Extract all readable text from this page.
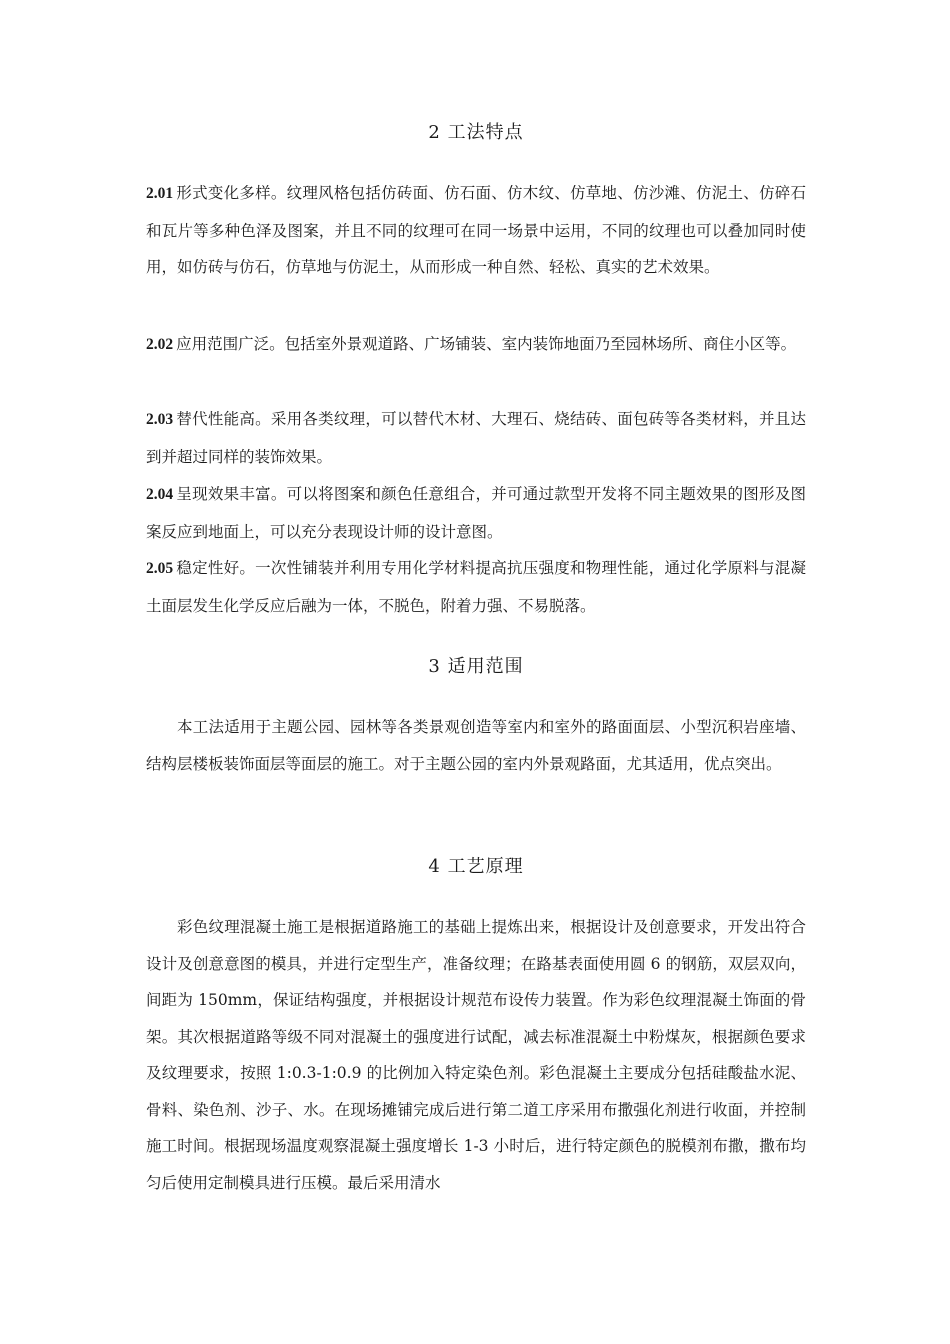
2 工法特点
2.01 形式变化多样。纹理风格包括仿砖面、仿石面、仿木纹、仿草地、仿沙滩、仿泥土、仿碎石和瓦片等多种色泽及图案，并且不同的纹理可在同一场景中运用，不同的纹理也可以叠加同时使用，如仿砖与仿石，仿草地与仿泥土，从而形成一种自然、轻松、真实的艺术效果。
2.02 应用范围广泛。包括室外景观道路、广场铺装、室内装饰地面乃至园林场所、商住小区等。
2.03 替代性能高。采用各类纹理，可以替代木材、大理石、烧结砖、面包砖等各类材料，并且达到并超过同样的装饰效果。
2.04 呈现效果丰富。可以将图案和颜色任意组合，并可通过款型开发将不同主题效果的图形及图案反应到地面上，可以充分表现设计师的设计意图。
2.05 稳定性好。一次性铺装并利用专用化学材料提高抗压强度和物理性能，通过化学原料与混凝土面层发生化学反应后融为一体，不脱色，附着力强、不易脱落。
3 适用范围
本工法适用于主题公园、园林等各类景观创造等室内和室外的路面面层、小型沉积岩座墙、结构层楼板装饰面层等面层的施工。对于主题公园的室内外景观路面，尤其适用，优点突出。
4 工艺原理
彩色纹理混凝土施工是根据道路施工的基础上提炼出来，根据设计及创意要求，开发出符合设计及创意意图的模具，并进行定型生产，准备纹理；在路基表面使用圆 6 的钢筋，双层双向，间距为 150mm，保证结构强度，并根据设计规范布设传力装置。作为彩色纹理混凝土饰面的骨架。其次根据道路等级不同对混凝土的强度进行试配，减去标准混凝土中粉煤灰，根据颜色要求及纹理要求，按照 1:0.3-1:0.9 的比例加入特定染色剂。彩色混凝土主要成分包括硅酸盐水泥、骨料、染色剂、沙子、水。在现场摊铺完成后进行第二道工序采用布撒强化剂进行收面，并控制施工时间。根据现场温度观察混凝土强度增长 1-3 小时后，进行特定颜色的脱模剂布撒，撒布均匀后使用定制模具进行压模。最后采用清水
